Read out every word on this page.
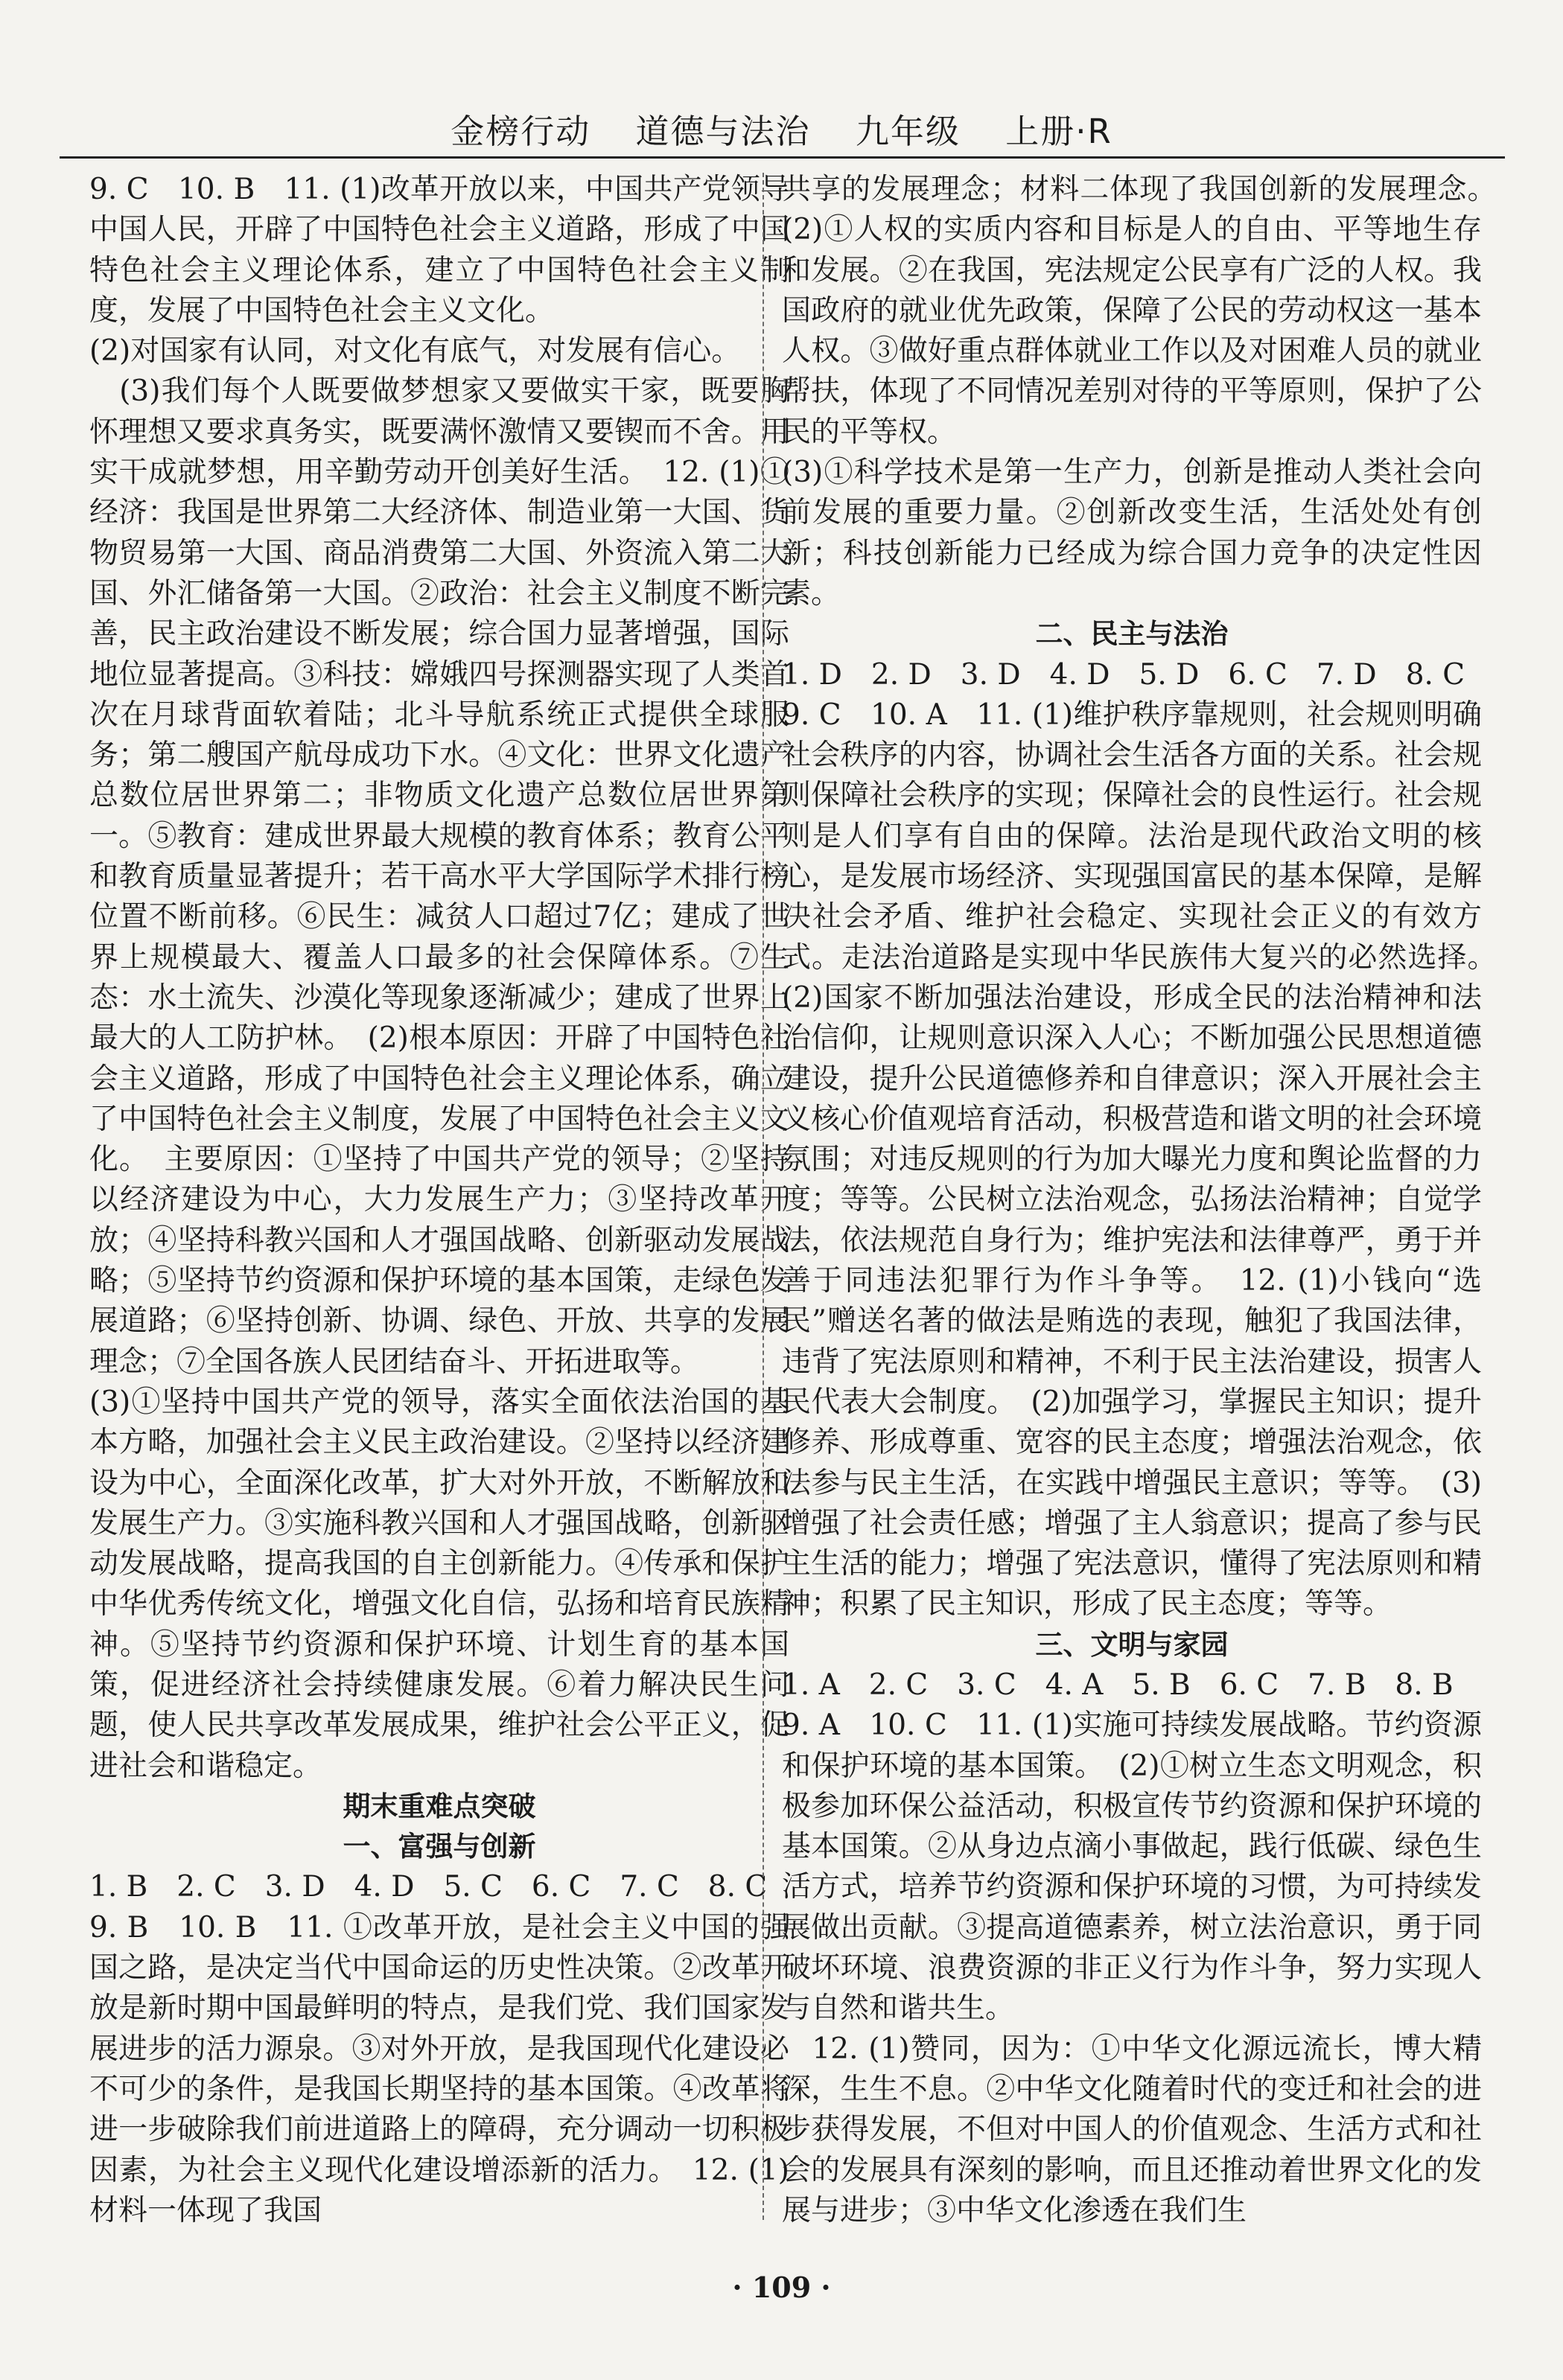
金榜行动 道德与法治 九年级 上册·R

9. C　10. B　11. (1)改革开放以来，中国共产党领导中国人民，开辟了中国特色社会主义道路，形成了中国特色社会主义理论体系，建立了中国特色社会主义制度，发展了中国特色社会主义文化。

(2)对国家有认同，对文化有底气，对发展有信心。

　(3)我们每个人既要做梦想家又要做实干家，既要胸怀理想又要求真务实，既要满怀激情又要锲而不舍。用实干成就梦想，用辛勤劳动开创美好生活。　12. (1)①经济：我国是世界第二大经济体、制造业第一大国、货物贸易第一大国、商品消费第二大国、外资流入第二大国、外汇储备第一大国。②政治：社会主义制度不断完善，民主政治建设不断发展；综合国力显著增强，国际地位显著提高。③科技：嫦娥四号探测器实现了人类首次在月球背面软着陆；北斗导航系统正式提供全球服务；第二艘国产航母成功下水。④文化：世界文化遗产总数位居世界第二；非物质文化遗产总数位居世界第一。⑤教育：建成世界最大规模的教育体系；教育公平和教育质量显著提升；若干高水平大学国际学术排行榜位置不断前移。⑥民生：减贫人口超过7亿；建成了世界上规模最大、覆盖人口最多的社会保障体系。⑦生态：水土流失、沙漠化等现象逐渐减少；建成了世界上最大的人工防护林。　(2)根本原因：开辟了中国特色社会主义道路，形成了中国特色社会主义理论体系，确立了中国特色社会主义制度，发展了中国特色社会主义文化。　主要原因：①坚持了中国共产党的领导；②坚持以经济建设为中心，大力发展生产力；③坚持改革开放；④坚持科教兴国和人才强国战略、创新驱动发展战略；⑤坚持节约资源和保护环境的基本国策，走绿色发展道路；⑥坚持创新、协调、绿色、开放、共享的发展理念；⑦全国各族人民团结奋斗、开拓进取等。

(3)①坚持中国共产党的领导，落实全面依法治国的基本方略，加强社会主义民主政治建设。②坚持以经济建设为中心，全面深化改革，扩大对外开放，不断解放和发展生产力。③实施科教兴国和人才强国战略，创新驱动发展战略，提高我国的自主创新能力。④传承和保护中华优秀传统文化，增强文化自信，弘扬和培育民族精神。⑤坚持节约资源和保护环境、计划生育的基本国策，促进经济社会持续健康发展。⑥着力解决民生问题，使人民共享改革发展成果，维护社会公平正义，促进社会和谐稳定。

期末重难点突破

一、富强与创新

1. B　2. C　3. D　4. D　5. C　6. C　7. C　8. C

9. B　10. B　11. ①改革开放，是社会主义中国的强国之路，是决定当代中国命运的历史性决策。②改革开放是新时期中国最鲜明的特点，是我们党、我们国家发展进步的活力源泉。③对外开放，是我国现代化建设必不可少的条件，是我国长期坚持的基本国策。④改革将进一步破除我们前进道路上的障碍，充分调动一切积极因素，为社会主义现代化建设增添新的活力。　12. (1)材料一体现了我国

共享的发展理念；材料二体现了我国创新的发展理念。　(2)①人权的实质内容和目标是人的自由、平等地生存和发展。②在我国，宪法规定公民享有广泛的人权。我国政府的就业优先政策，保障了公民的劳动权这一基本人权。③做好重点群体就业工作以及对困难人员的就业帮扶，体现了不同情况差别对待的平等原则，保护了公民的平等权。

(3)①科学技术是第一生产力，创新是推动人类社会向前发展的重要力量。②创新改变生活，生活处处有创新；科技创新能力已经成为综合国力竞争的决定性因素。

二、民主与法治

1. D　2. D　3. D　4. D　5. D　6. C　7. D　8. C

9. C　10. A　11. (1)维护秩序靠规则，社会规则明确社会秩序的内容，协调社会生活各方面的关系。社会规则保障社会秩序的实现；保障社会的良性运行。社会规则是人们享有自由的保障。法治是现代政治文明的核心，是发展市场经济、实现强国富民的基本保障，是解决社会矛盾、维护社会稳定、实现社会正义的有效方式。走法治道路是实现中华民族伟大复兴的必然选择。　(2)国家不断加强法治建设，形成全民的法治精神和法治信仰，让规则意识深入人心；不断加强公民思想道德建设，提升公民道德修养和自律意识；深入开展社会主义核心价值观培育活动，积极营造和谐文明的社会环境氛围；对违反规则的行为加大曝光力度和舆论监督的力度；等等。公民树立法治观念，弘扬法治精神；自觉学法，依法规范自身行为；维护宪法和法律尊严，勇于并善于同违法犯罪行为作斗争等。　12. (1)小钱向“选民”赠送名著的做法是贿选的表现，触犯了我国法律，违背了宪法原则和精神，不利于民主法治建设，损害人民代表大会制度。　(2)加强学习，掌握民主知识；提升修养、形成尊重、宽容的民主态度；增强法治观念，依法参与民主生活，在实践中增强民主意识；等等。　(3)增强了社会责任感；增强了主人翁意识；提高了参与民主生活的能力；增强了宪法意识，懂得了宪法原则和精神；积累了民主知识，形成了民主态度；等等。

三、文明与家园

1. A　2. C　3. C　4. A　5. B　6. C　7. B　8. B

9. A　10. C　11. (1)实施可持续发展战略。节约资源和保护环境的基本国策。　(2)①树立生态文明观念，积极参加环保公益活动，积极宣传节约资源和保护环境的基本国策。②从身边点滴小事做起，践行低碳、绿色生活方式，培养节约资源和保护环境的习惯，为可持续发展做出贡献。③提高道德素养，树立法治意识，勇于同破坏环境、浪费资源的非正义行为作斗争，努力实现人与自然和谐共生。

　12. (1)赞同，因为：①中华文化源远流长，博大精深，生生不息。②中华文化随着时代的变迁和社会的进步获得发展，不但对中国人的价值观念、生活方式和社会的发展具有深刻的影响，而且还推动着世界文化的发展与进步；③中华文化渗透在我们生

· 109 ·
